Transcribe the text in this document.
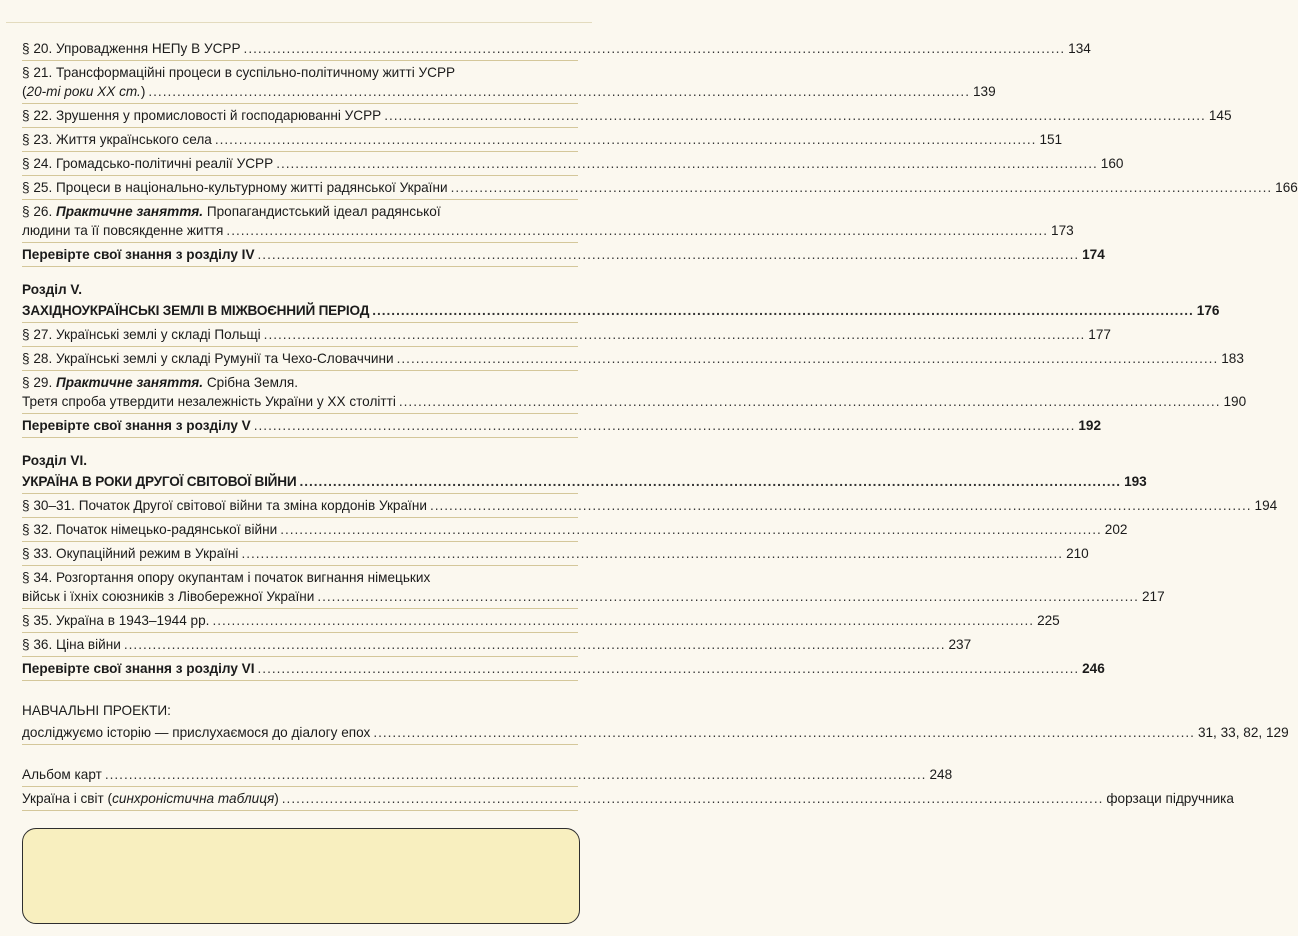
§ 20. Упровадження НЕПу В УСРР .....	134
§ 21. Трансформаційні процеси в суспільно-політичному житті УСРР
(20-ті роки XX ст.) .....	139
§ 22. Зрушення у промисловості й господарюванні УСРР .....	145
§ 23. Життя українського села .....	151
§ 24. Громадсько-політичні реалії УСРР .....	160
§ 25. Процеси в національно-культурному житті радянської України .....	166
§ 26. Практичне заняття. Пропагандистський ідеал радянської
людини та її повсякденне життя .....	173
Перевірте свої знання з розділу IV .....	174
Розділ V.
ЗАХІДНОУКРАЇНСЬКІ ЗЕМЛІ В МІЖВОЄННИЙ ПЕРІОД .....	176
§ 27. Українські землі у складі Польщі .....	177
§ 28. Українські землі у складі Румунії та Чехо-Словаччини .....	183
§ 29. Практичне заняття. Срібна Земля.
Третя спроба утвердити незалежність України у XX столітті .....	190
Перевірте свої знання з розділу V .....	192
Розділ VI.
УКРАЇНА В РОКИ ДРУГОЇ СВІТОВОЇ ВІЙНИ .....	193
§ 30–31. Початок Другої світової війни та зміна кордонів України .....	194
§ 32. Початок німецько-радянської війни .....	202
§ 33. Окупаційний режим в Україні .....	210
§ 34. Розгортання опору окупантам і початок вигнання німецьких
військ і їхніх союзників з Лівобережної України .....	217
§ 35. Україна в 1943–1944 рр. .....	225
§ 36. Ціна війни .....	237
Перевірте свої знання з розділу VI .....	246
НАВЧАЛЬНІ ПРОЕКТИ:
досліджуємо історію — прислухаємося до діалогу епох .....	31, 33, 82, 129
Альбом карт .....	248
Україна і світ (синхроністична таблиця) .....	форзаци підручника
